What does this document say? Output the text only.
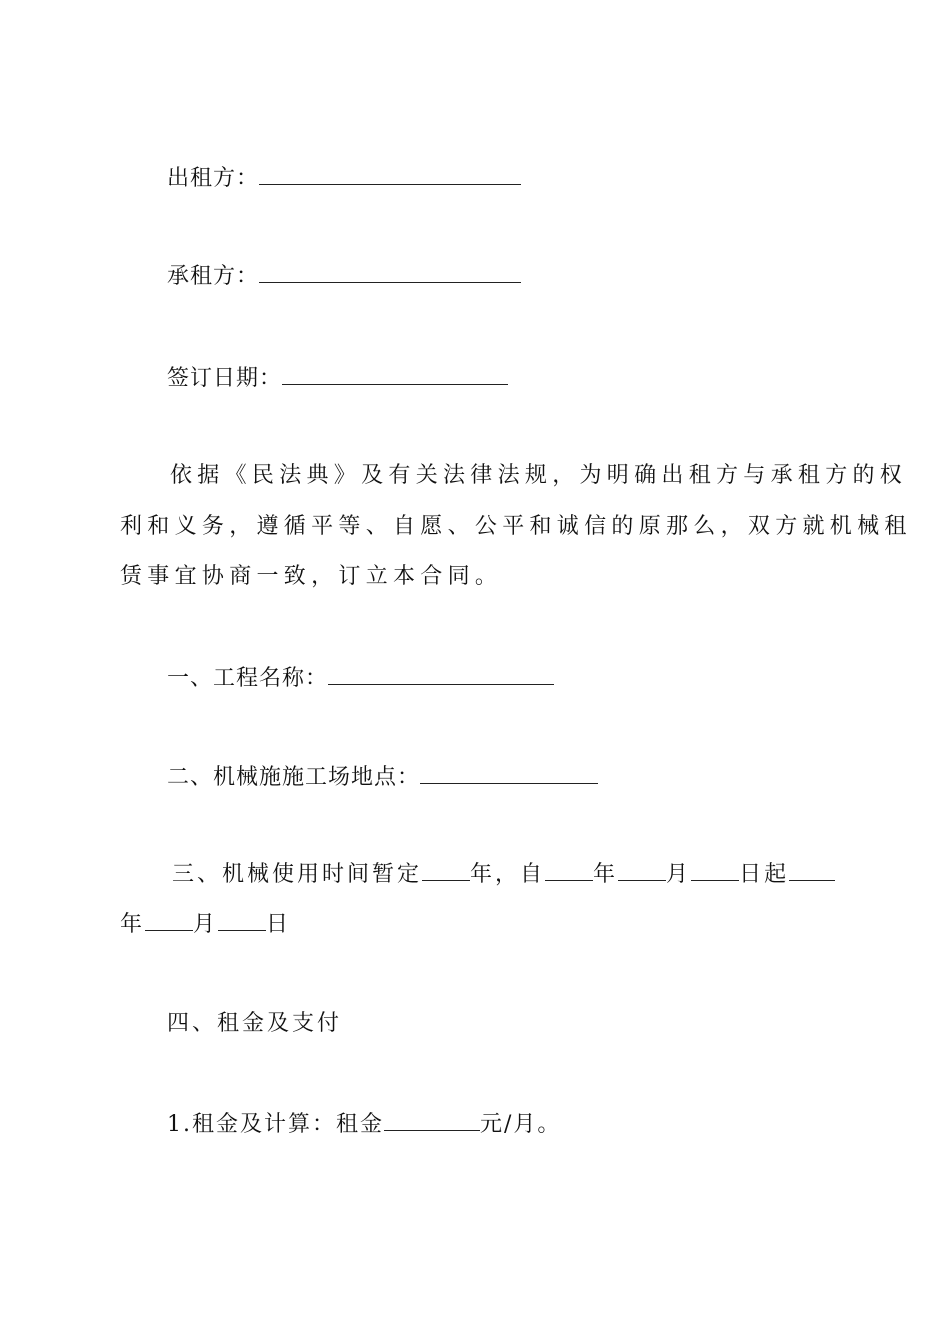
出租方：
承租方：
签订日期：
依据《民法典》及有关法律法规，为明确出租方与承租方的权
利和义务，遵循平等、自愿、公平和诚信的原那么，双方就机械租
赁事宜协商一致，订立本合同。
一、工程名称：
二、机械施施工场地点：
三、机械使用时间暂定 年，自 年 月 日起
年 月 日
四、租金及支付
1.租金及计算：租金	元/月。
